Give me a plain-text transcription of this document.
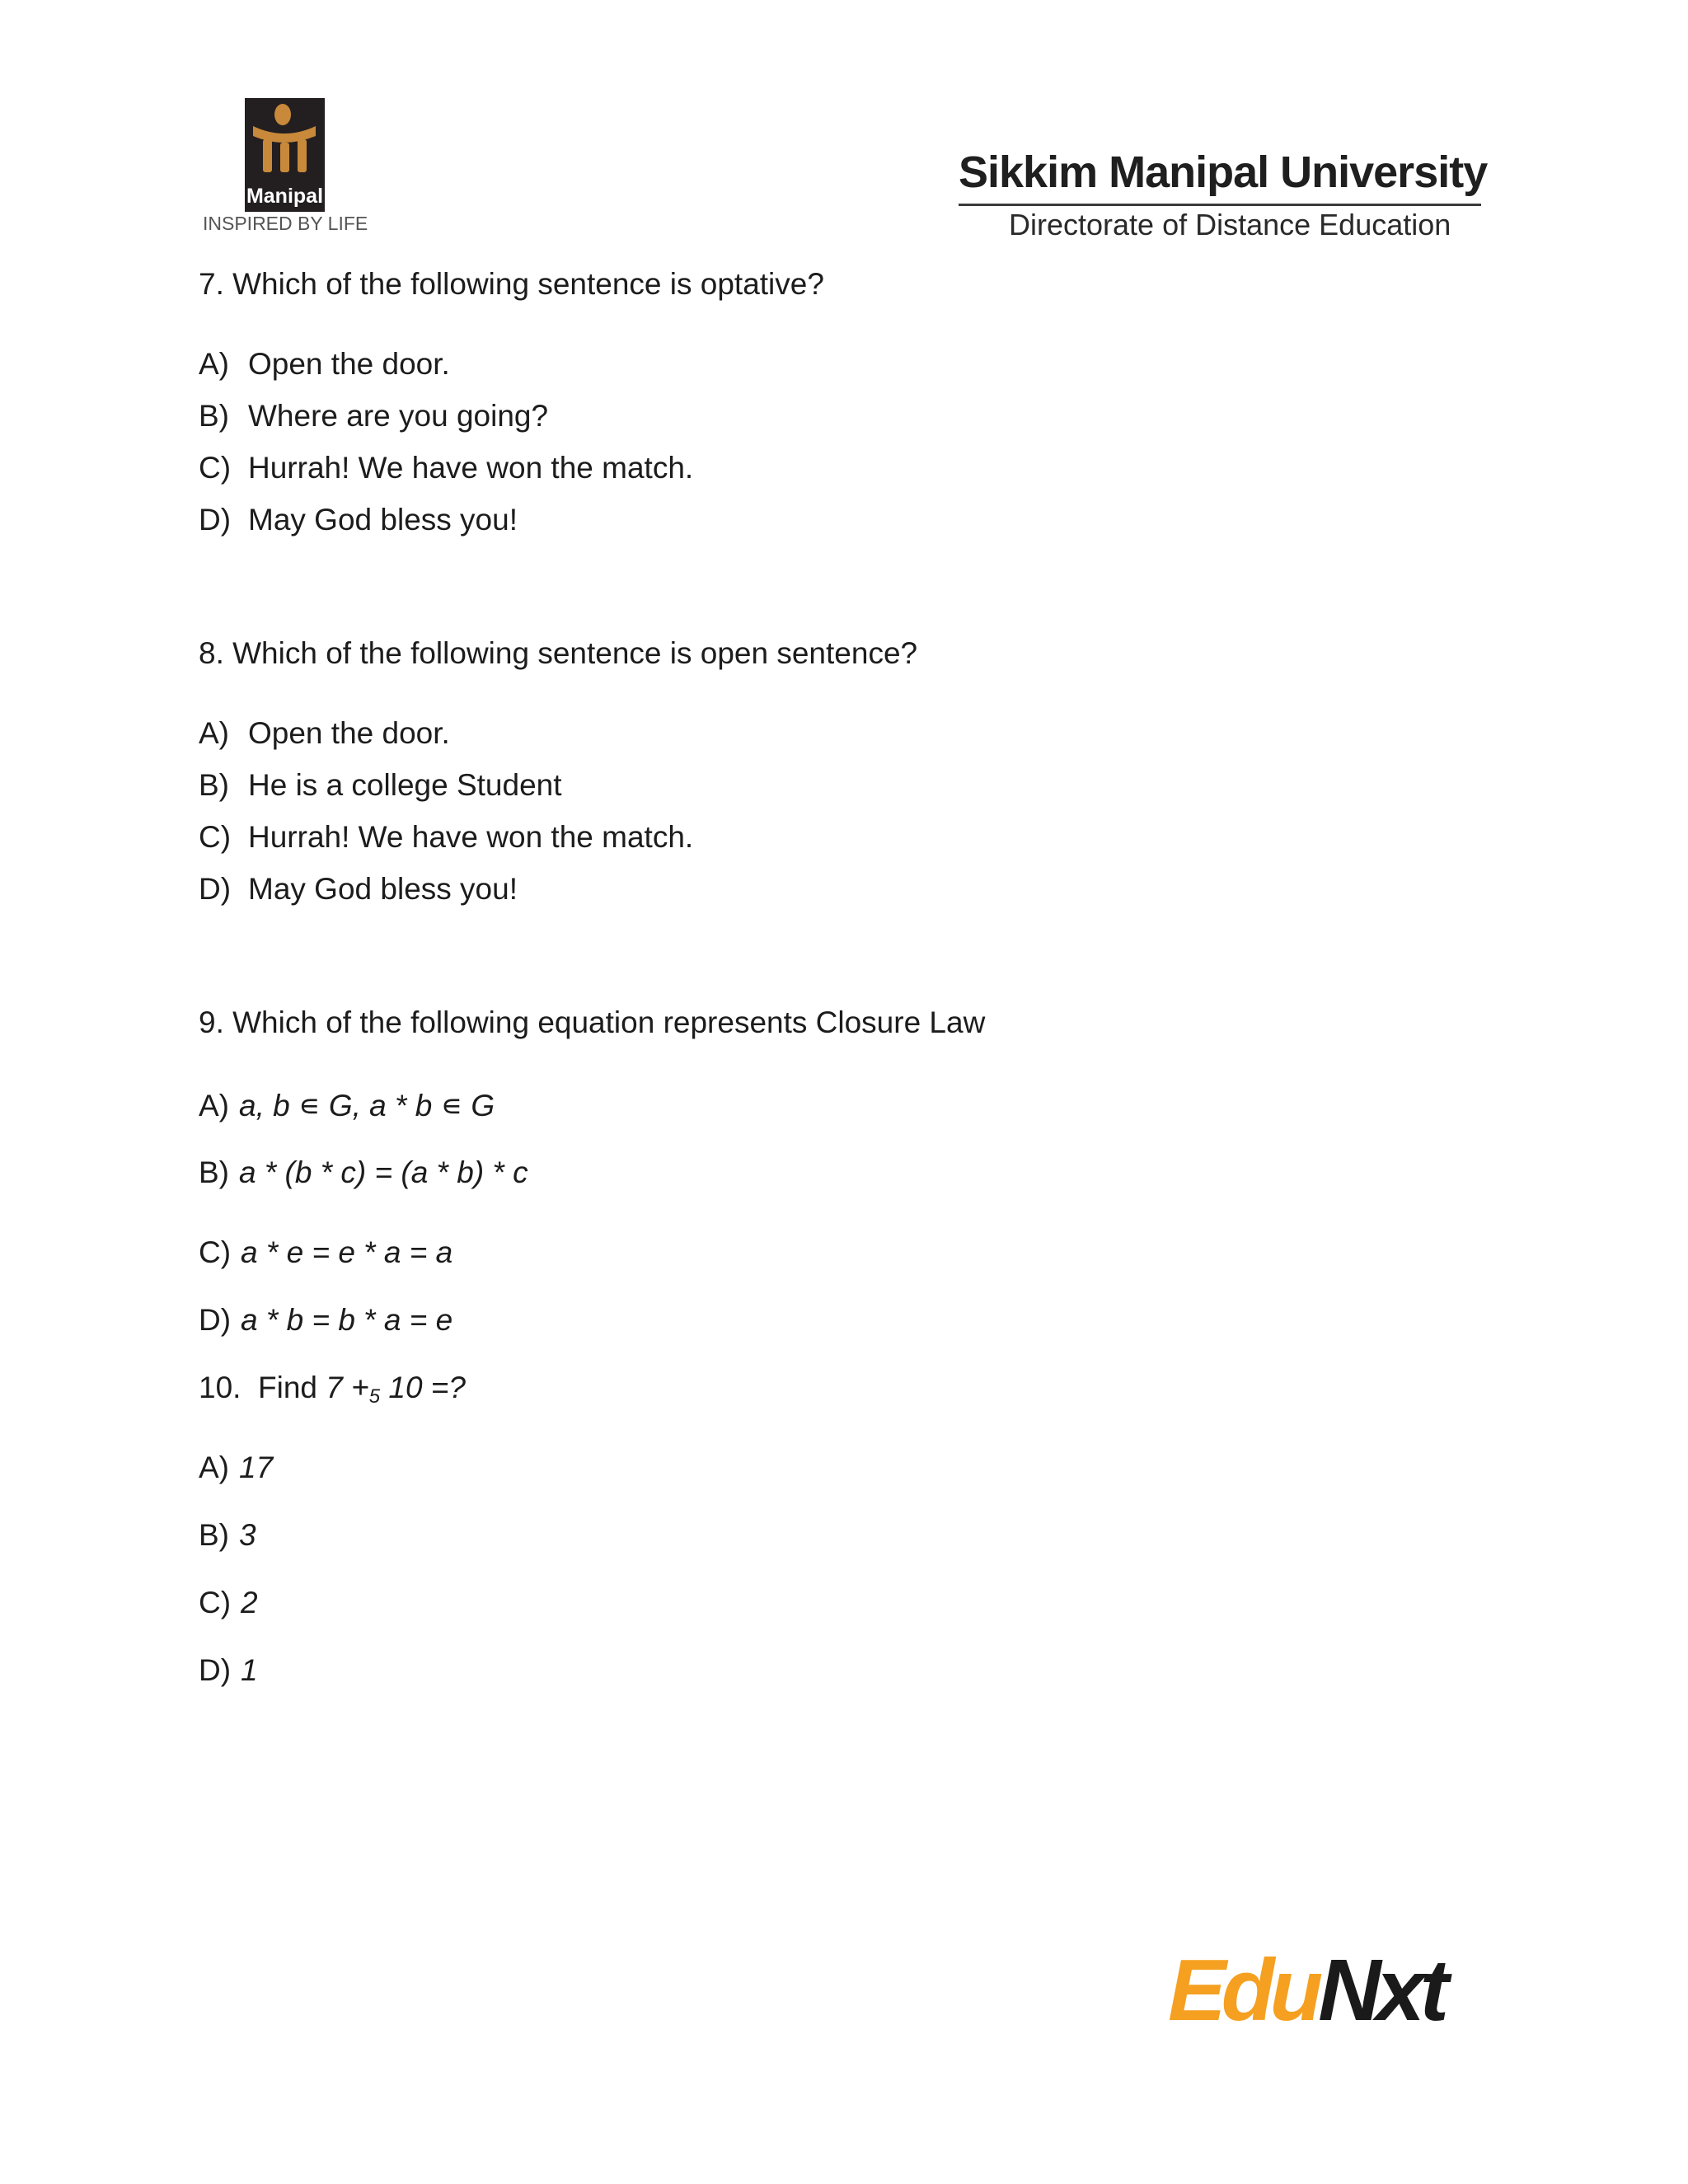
Manipal
INSPIRED BY LIFE
Sikkim Manipal University
Directorate of Distance Education
7. Which of the following sentence is optative?
A) Open the door.
B) Where are you going?
C) Hurrah! We have won the match.
D) May God bless you!
8. Which of the following sentence is open sentence?
A) Open the door.
B) He is a college Student
C) Hurrah! We have won the match.
D) May God bless you!
9. Which of the following equation represents Closure Law
A) a, b ∊ G, a * b ∊ G
B) a * (b * c) = (a * b) * c
C) a * e = e * a = a
D) a * b = b * a = e
10.  Find $7 +_5$ 10 =?
A) 17
B) 3
C) 2
D) 1
EduNxt
